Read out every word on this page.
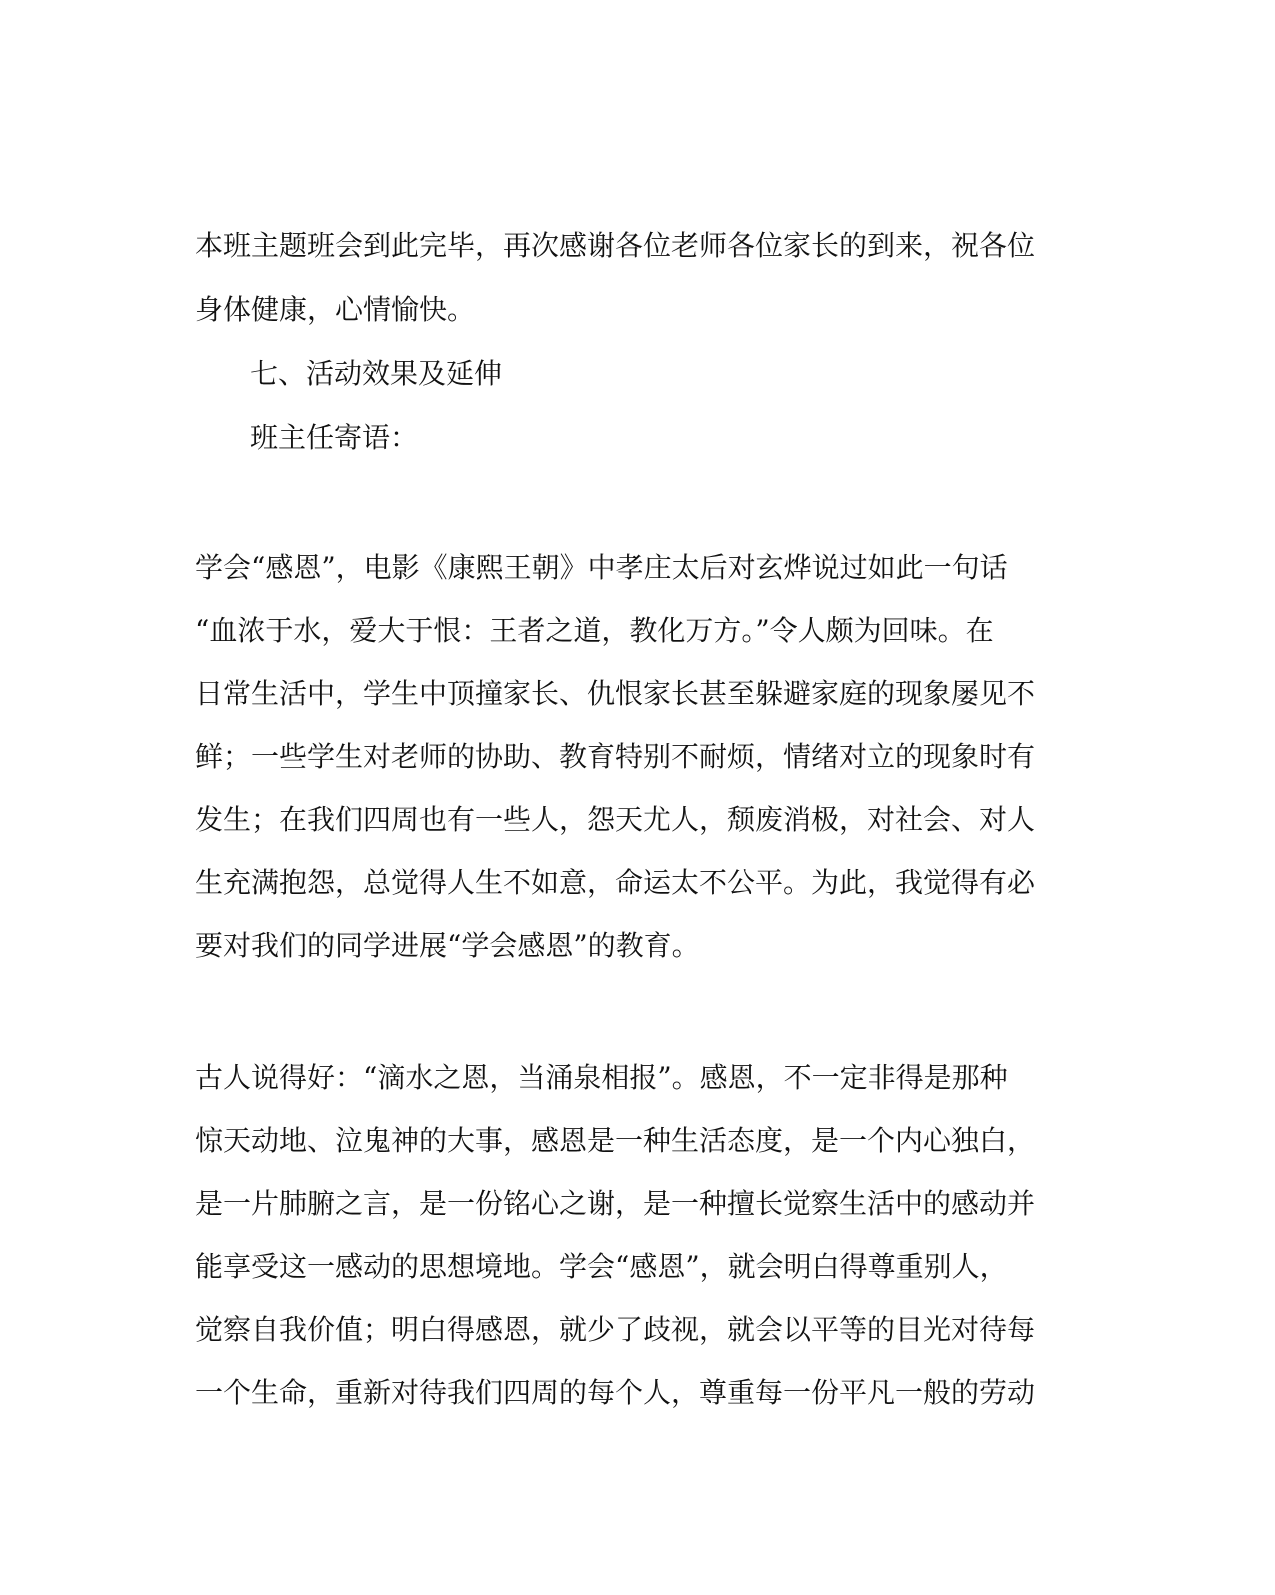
本班主题班会到此完毕，再次感谢各位老师各位家长的到来，祝各位
身体健康，心情愉快。
七、活动效果及延伸
班主任寄语：
学会“感恩”，电影《康熙王朝》中孝庄太后对玄烨说过如此一句话
“血浓于水，爱大于恨：王者之道，教化万方。”令人颇为回味。在
日常生活中，学生中顶撞家长、仇恨家长甚至躲避家庭的现象屡见不
鲜；一些学生对老师的协助、教育特别不耐烦，情绪对立的现象时有
发生；在我们四周也有一些人，怨天尤人，颓废消极，对社会、对人
生充满抱怨，总觉得人生不如意，命运太不公平。为此，我觉得有必
要对我们的同学进展“学会感恩”的教育。
古人说得好：“滴水之恩，当涌泉相报”。感恩，不一定非得是那种
惊天动地、泣鬼神的大事，感恩是一种生活态度，是一个内心独白，
是一片肺腑之言，是一份铭心之谢，是一种擅长觉察生活中的感动并
能享受这一感动的思想境地。学会“感恩”，就会明白得尊重别人，
觉察自我价值；明白得感恩，就少了歧视，就会以平等的目光对待每
一个生命，重新对待我们四周的每个人，尊重每一份平凡一般的劳动
